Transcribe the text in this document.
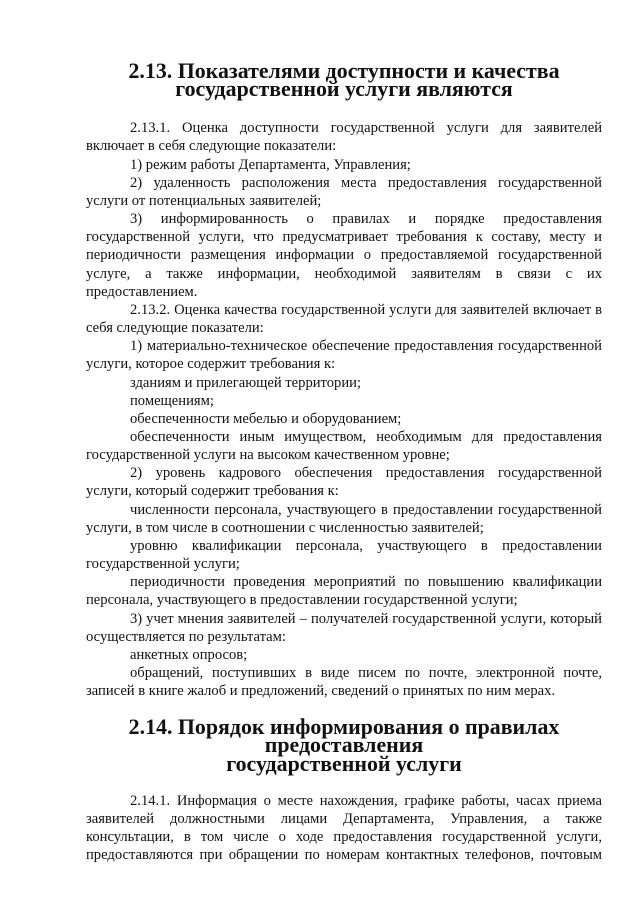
2.13. Показателями доступности и качества
государственной услуги являются

2.13.1. Оценка доступности государственной услуги для заявителей включает в себя следующие показатели:

1) режим работы Департамента, Управления;

2) удаленность расположения места предоставления государственной услуги от потенциальных заявителей;

3) информированность о правилах и порядке предоставления государственной услуги, что предусматривает требования к составу, месту и периодичности размещения информации о предоставляемой государственной услуге, а также информации, необходимой заявителям в связи с их предоставлением.

2.13.2. Оценка качества государственной услуги для заявителей включает в себя следующие показатели:

1) материально-техническое обеспечение предоставления государственной услуги, которое содержит требования к:

зданиям и прилегающей территории;

помещениям;

обеспеченности мебелью и оборудованием;

обеспеченности иным имуществом, необходимым для предоставления государственной услуги на высоком качественном уровне;

2) уровень кадрового обеспечения предоставления государственной услуги, который содержит требования к:

численности персонала, участвующего в предоставлении государственной услуги, в том числе в соотношении с численностью заявителей;

уровню квалификации персонала, участвующего в предоставлении государственной услуги;

периодичности проведения мероприятий по повышению квалификации персонала, участвующего в предоставлении государственной услуги;

3) учет мнения заявителей – получателей государственной услуги, который осуществляется по результатам:

анкетных опросов;

обращений, поступивших в виде писем по почте, электронной почте, записей в книге жалоб и предложений, сведений о принятых по ним мерах.

2.14. Порядок информирования о правилах предоставления
государственной услуги

2.14.1. Информация о месте нахождения, графике работы, часах приема заявителей должностными лицами Департамента, Управления, а также консультации, в том числе о ходе предоставления государственной услуги, предоставляются при обращении по номерам контактных телефонов, почтовым
